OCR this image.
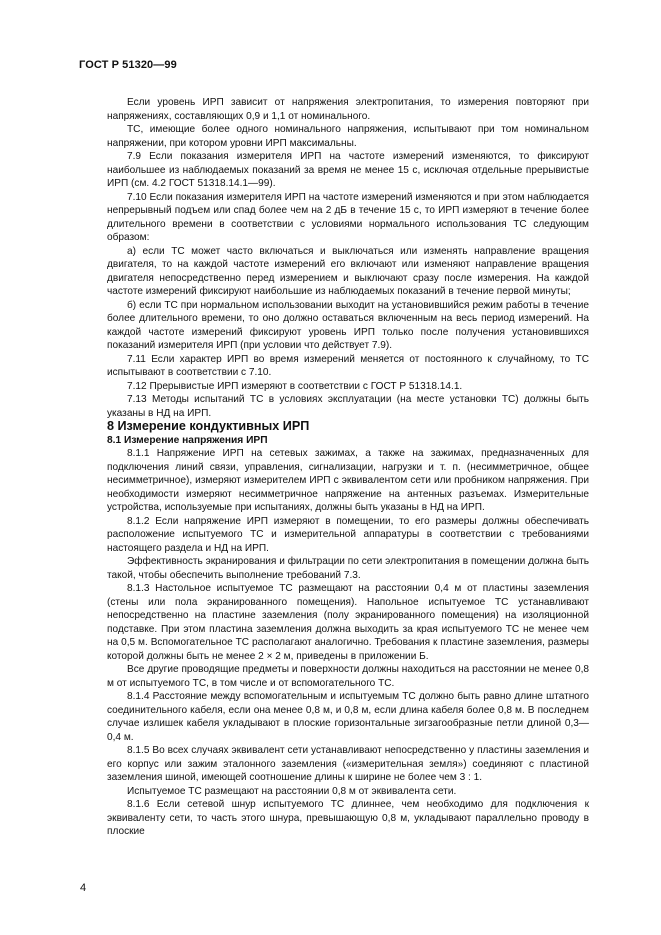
ГОСТ Р 51320—99

Если уровень ИРП зависит от напряжения электропитания, то измерения повторяют при напряжениях, составляющих 0,9 и 1,1 от номинального.

ТС, имеющие более одного номинального напряжения, испытывают при том номинальном напряжении, при котором уровни ИРП максимальны.

7.9 Если показания измерителя ИРП на частоте измерений изменяются, то фиксируют наибольшее из наблюдаемых показаний за время не менее 15 с, исключая отдельные прерывистые ИРП (см. 4.2 ГОСТ 51318.14.1—99).

7.10 Если показания измерителя ИРП на частоте измерений изменяются и при этом наблюдается непрерывный подъем или спад более чем на 2 дБ в течение 15 с, то ИРП измеряют в течение более длительного времени в соответствии с условиями нормального использования ТС следующим образом:

а) если ТС может часто включаться и выключаться или изменять направление вращения двигателя, то на каждой частоте измерений его включают или изменяют направление вращения двигателя непосредственно перед измерением и выключают сразу после измерения. На каждой частоте измерений фиксируют наибольшие из наблюдаемых показаний в течение первой минуты;

б) если ТС при нормальном использовании выходит на установившийся режим работы в течение более длительного времени, то оно должно оставаться включенным на весь период измерений. На каждой частоте измерений фиксируют уровень ИРП только после получения установившихся показаний измерителя ИРП (при условии что действует 7.9).

7.11 Если характер ИРП во время измерений меняется от постоянного к случайному, то ТС испытывают в соответствии с 7.10.

7.12 Прерывистые ИРП измеряют в соответствии с ГОСТ Р 51318.14.1.

7.13 Методы испытаний ТС в условиях эксплуатации (на месте установки ТС) должны быть указаны в НД на ИРП.

8 Измерение кондуктивных ИРП

8.1 Измерение напряжения ИРП

8.1.1 Напряжение ИРП на сетевых зажимах, а также на зажимах, предназначенных для подключения линий связи, управления, сигнализации, нагрузки и т. п. (несимметричное, общее несимметричное), измеряют измерителем ИРП с эквивалентом сети или пробником напряжения. При необходимости измеряют несимметричное напряжение на антенных разъемах. Измерительные устройства, используемые при испытаниях, должны быть указаны в НД на ИРП.

8.1.2 Если напряжение ИРП измеряют в помещении, то его размеры должны обеспечивать расположение испытуемого ТС и измерительной аппаратуры в соответствии с требованиями настоящего раздела и НД на ИРП.

Эффективность экранирования и фильтрации по сети электропитания в помещении должна быть такой, чтобы обеспечить выполнение требований 7.3.

8.1.3 Настольное испытуемое ТС размещают на расстоянии 0,4 м от пластины заземления (стены или пола экранированного помещения). Напольное испытуемое ТС устанавливают непосредственно на пластине заземления (полу экранированного помещения) на изоляционной подставке. При этом пластина заземления должна выходить за края испытуемого ТС не менее чем на 0,5 м. Вспомогательное ТС располагают аналогично. Требования к пластине заземления, размеры которой должны быть не менее 2 × 2 м, приведены в приложении Б.

Все другие проводящие предметы и поверхности должны находиться на расстоянии не менее 0,8 м от испытуемого ТС, в том числе и от вспомогательного ТС.

8.1.4 Расстояние между вспомогательным и испытуемым ТС должно быть равно длине штатного соединительного кабеля, если она менее 0,8 м, и 0,8 м, если длина кабеля более 0,8 м. В последнем случае излишек кабеля укладывают в плоские горизонтальные зигзагообразные петли длиной 0,3—0,4 м.

8.1.5 Во всех случаях эквивалент сети устанавливают непосредственно у пластины заземления и его корпус или зажим эталонного заземления («измерительная земля») соединяют с пластиной заземления шиной, имеющей соотношение длины к ширине не более чем 3 : 1.

Испытуемое ТС размещают на расстоянии 0,8 м от эквивалента сети.

8.1.6 Если сетевой шнур испытуемого ТС длиннее, чем необходимо для подключения к эквиваленту сети, то часть этого шнура, превышающую 0,8 м, укладывают параллельно проводу в плоские

4
